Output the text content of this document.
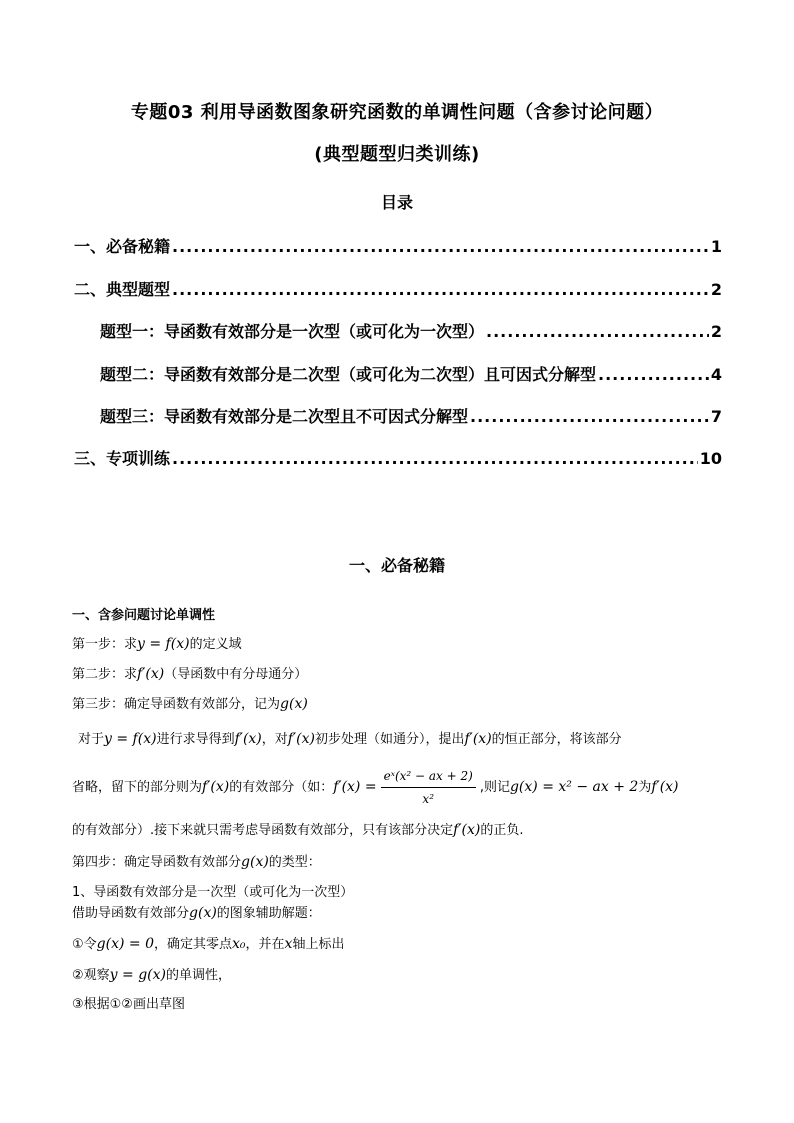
专题03 利用导函数图象研究函数的单调性问题（含参讨论问题）
(典型题型归类训练)
目录
一、必备秘籍 .....	1
二、典型题型 .....	2
题型一：导函数有效部分是一次型（或可化为一次型） .....	2
题型二：导函数有效部分是二次型（或可化为二次型）且可因式分解型 .....	4
题型三：导函数有效部分是二次型且不可因式分解型 .....	7
三、专项训练 .....	10
一、必备秘籍
一、含参问题讨论单调性
第一步：求y = f(x)的定义域
第二步：求f′(x)（导函数中有分母通分）
第三步：确定导函数有效部分，记为g(x)
对于y = f(x)进行求导得到f′(x)，对f′(x)初步处理（如通分），提出f′(x)的恒正部分，将该部分
省略，留下的部分则为f′(x)的有效部分（如：$f'(x) = \frac{\text{eˣ(x² − ax + 2)}}{\text{x²}}$ ,则记g(x) = x² − ax + 2为f′(x)
的有效部分）.接下来就只需考虑导函数有效部分，只有该部分决定f′(x)的正负.
第四步：确定导函数有效部分g(x)的类型：
1、导函数有效部分是一次型（或可化为一次型）
借助导函数有效部分g(x)的图象辅助解题：
①令g(x) = 0，确定其零点x₀，并在x轴上标出
②观察y = g(x)的单调性，
③根据①②画出草图
